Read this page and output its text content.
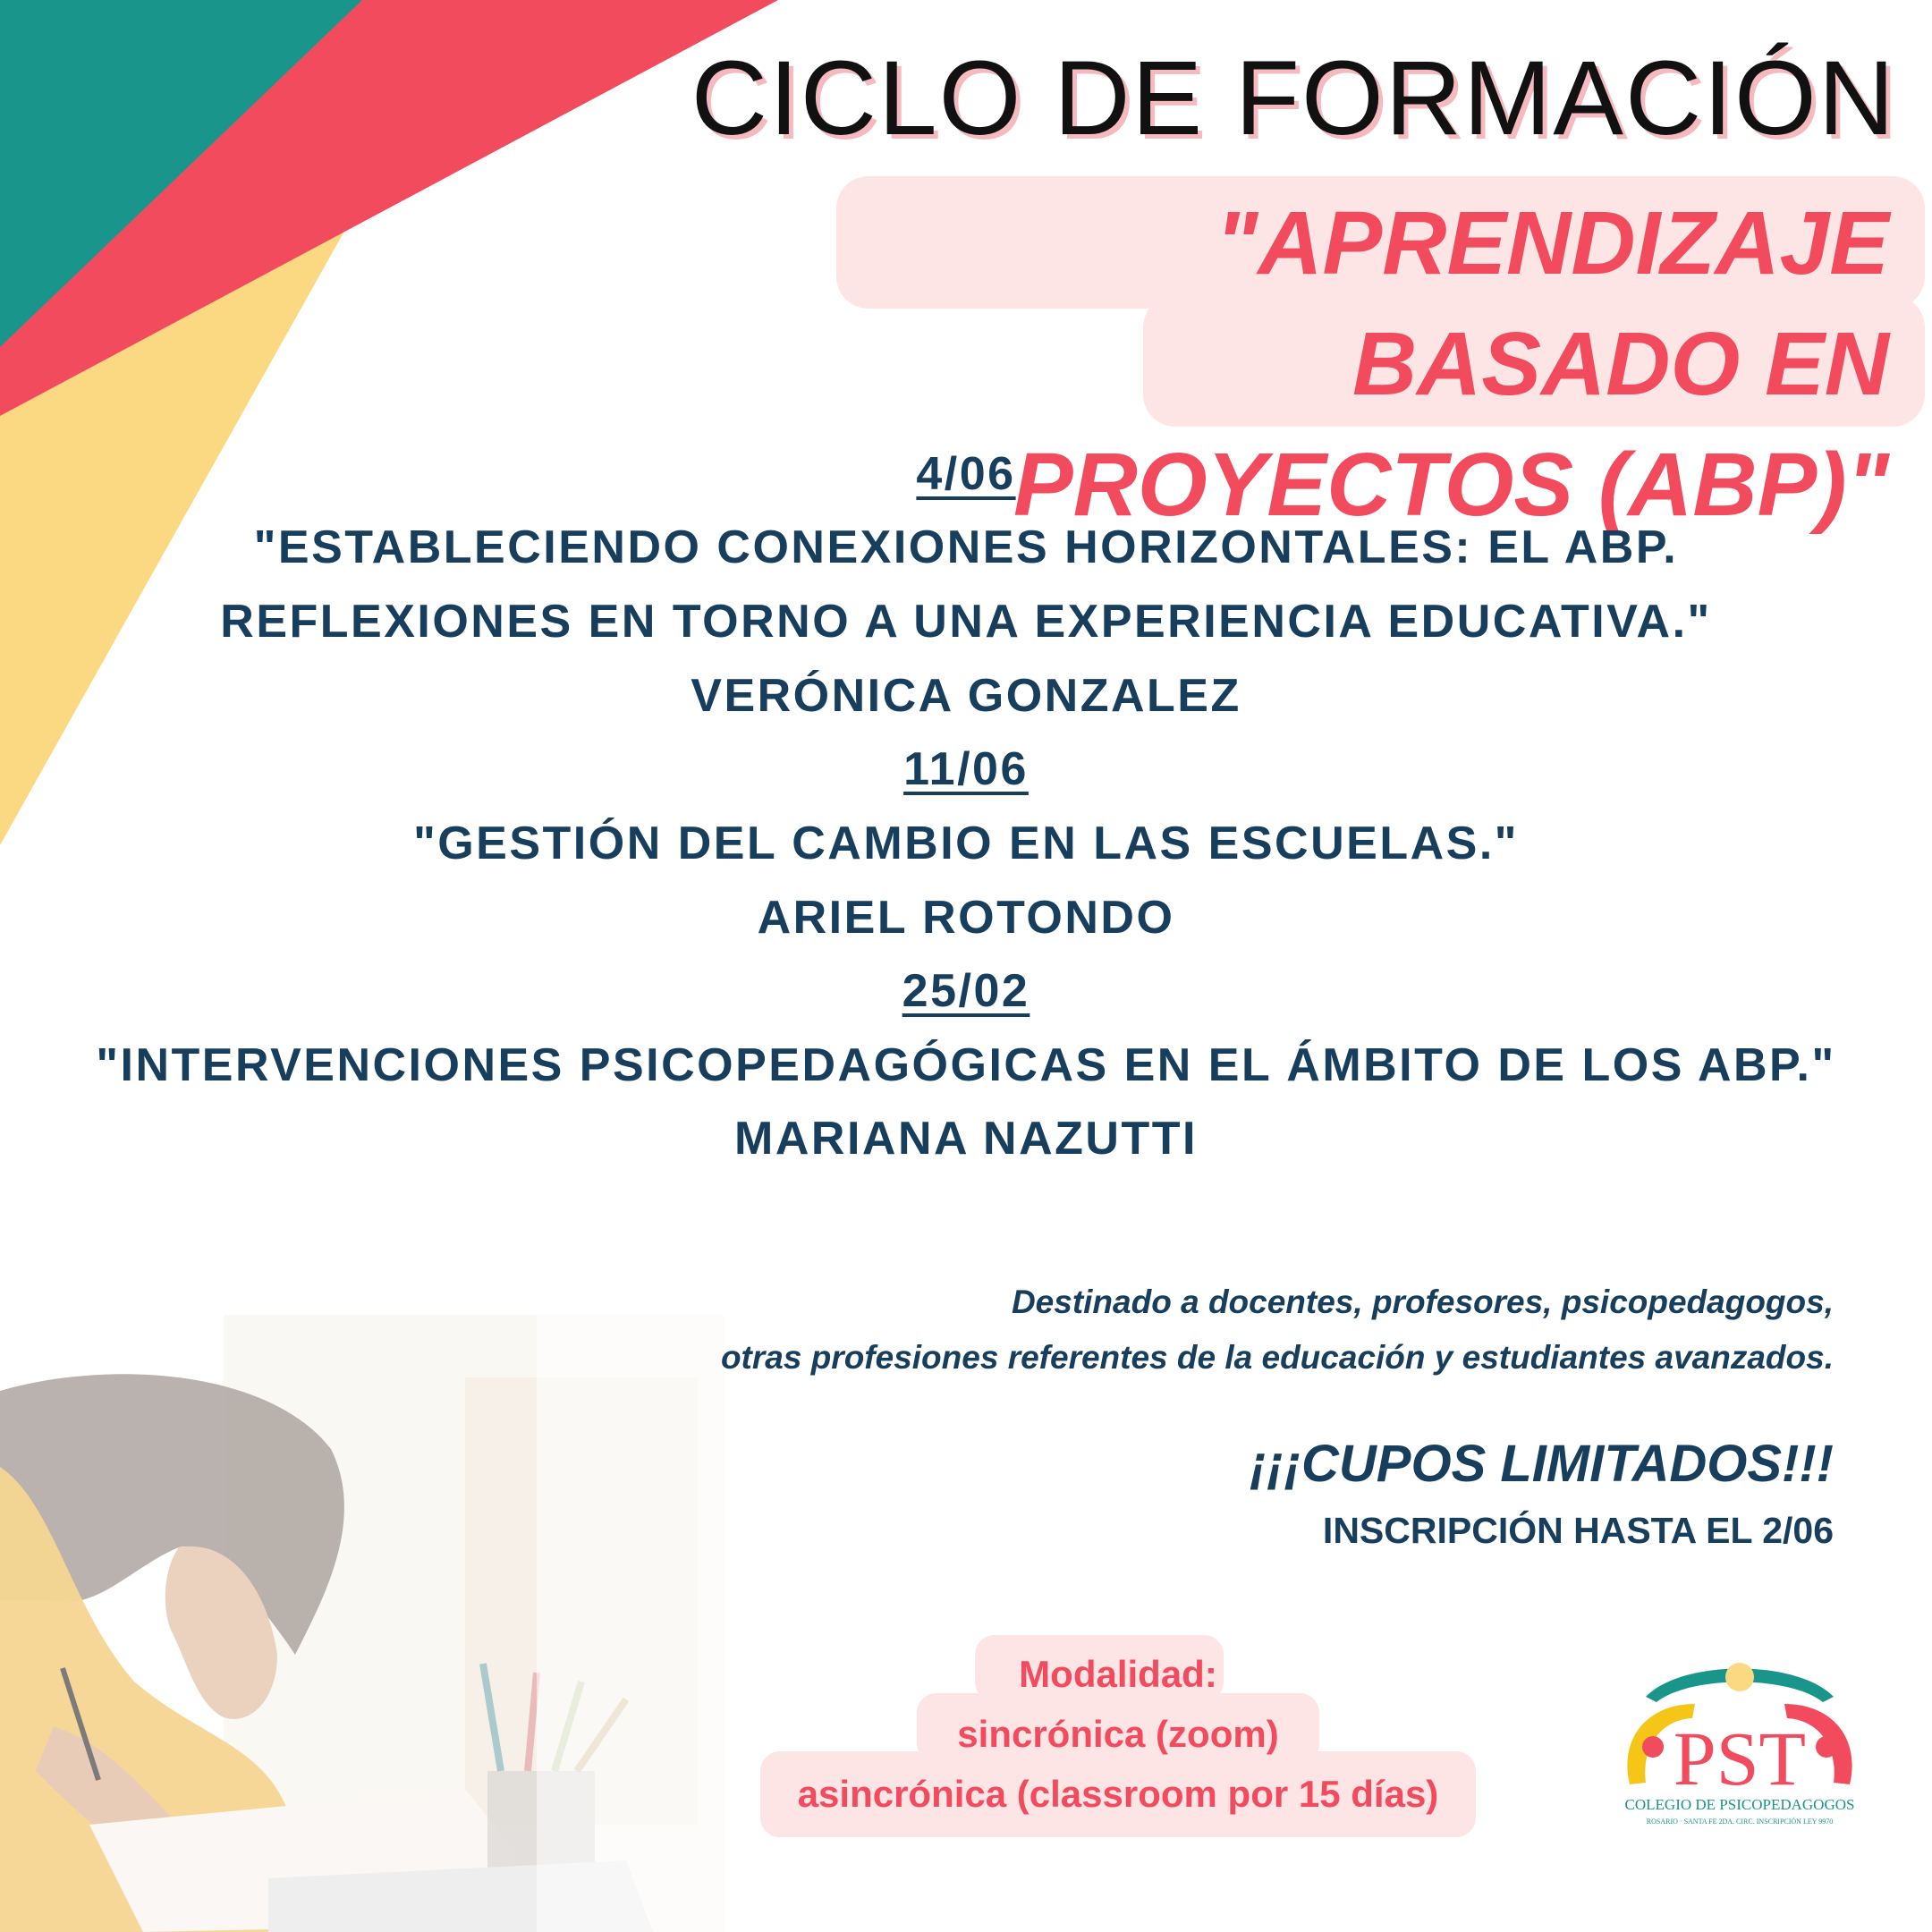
CICLO DE FORMACIÓN
"APRENDIZAJE BASADO EN
PROYECTOS (ABP)"
4/06
"ESTABLECIENDO CONEXIONES HORIZONTALES: EL ABP.
REFLEXIONES EN TORNO A UNA EXPERIENCIA EDUCATIVA."
VERÓNICA GONZALEZ
11/06
"GESTIÓN DEL CAMBIO EN LAS ESCUELAS."
ARIEL ROTONDO
25/02
"INTERVENCIONES PSICOPEDAGÓGICAS EN EL ÁMBITO DE LOS ABP."
MARIANA NAZUTTI
Destinado a docentes, profesores, psicopedagogos,
otras profesiones referentes de la educación y estudiantes avanzados.
¡¡¡CUPOS LIMITADOS!!!
INSCRIPCIÓN HASTA EL 2/06
Modalidad:
sincrónica (zoom)
asincrónica (classroom por 15 días)	PST
COLEGIO DE PSICOPEDAGOGOS
ROSARIO · SANTA FE 2DA. CIRC. INSCRIPCIÓN LEY 9970
